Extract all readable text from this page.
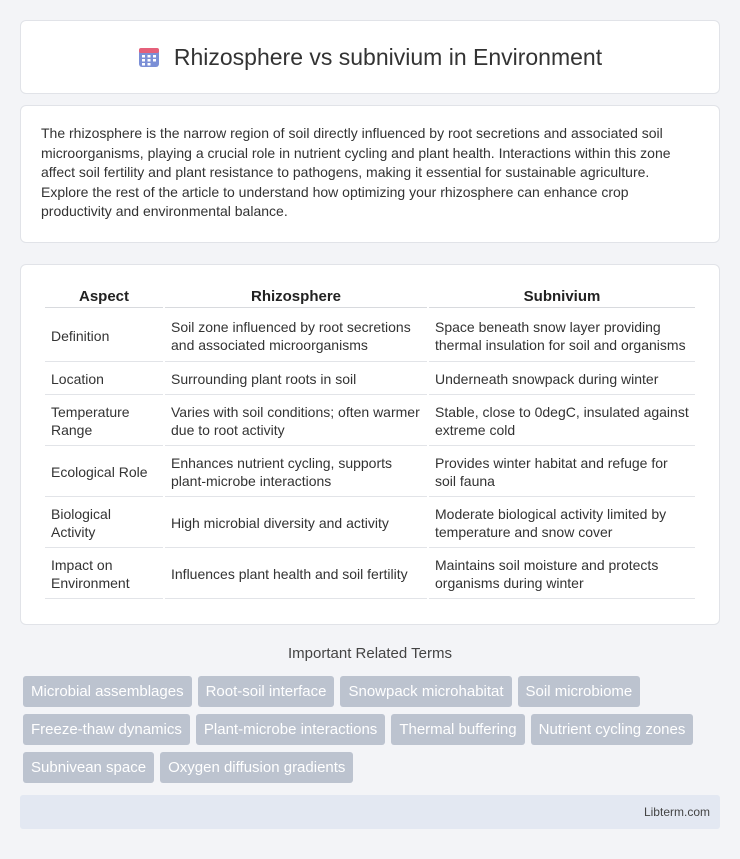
Rhizosphere vs subnivium in Environment

The rhizosphere is the narrow region of soil directly influenced by root secretions and associated soil microorganisms, playing a crucial role in nutrient cycling and plant health. Interactions within this zone affect soil fertility and plant resistance to pathogens, making it essential for sustainable agriculture. Explore the rest of the article to understand how optimizing your rhizosphere can enhance crop productivity and environmental balance.

Aspect	Rhizosphere	Subnivium
Definition	Soil zone influenced by root secretions and associated microorganisms	Space beneath snow layer providing thermal insulation for soil and organisms
Location	Surrounding plant roots in soil	Underneath snowpack during winter
Temperature Range	Varies with soil conditions; often warmer due to root activity	Stable, close to 0degC, insulated against extreme cold
Ecological Role	Enhances nutrient cycling, supports plant-microbe interactions	Provides winter habitat and refuge for soil fauna
Biological Activity	High microbial diversity and activity	Moderate biological activity limited by temperature and snow cover
Impact on Environment	Influences plant health and soil fertility	Maintains soil moisture and protects organisms during winter
Important Related Terms
Microbial assemblages	Root-soil interface	Snowpack microhabitat	Soil microbiome
Freeze-thaw dynamics	Plant-microbe interactions	Thermal buffering	Nutrient cycling zones
Subnivean space	Oxygen diffusion gradients
Libterm.com
